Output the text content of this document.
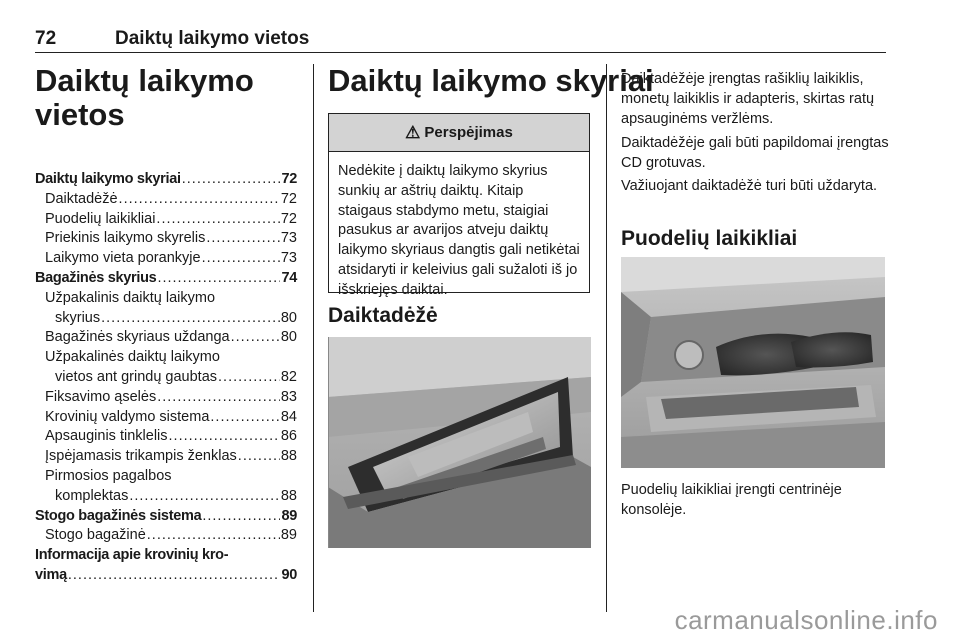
72	Daiktų laikymo vietos
Daiktų laikymo vietos
Daiktų laikymo skyriai .....	72
Daiktadėžė .....	72
Puodelių laikikliai .....	72
Priekinis laikymo skyrelis .....	73
Laikymo vieta porankyje .....	73
Bagažinės skyrius .....	74
Užpakalinis daiktų laikymo
skyrius .....	80
Bagažinės skyriaus uždanga .....	80
Užpakalinės daiktų laikymo
vietos ant grindų gaubtas .....	82
Fiksavimo ąselės .....	83
Krovinių valdymo sistema .....	84
Apsauginis tinklelis .....	86
Įspėjamasis trikampis ženklas .....	88
Pirmosios pagalbos
komplektas .....	88
Stogo bagažinės sistema .....	89
Stogo bagažinė .....	89
Informacija apie krovinių kro-
vimą .....	90
Daiktų laikymo skyriai
⚠ Perspėjimas
Nedėkite į daiktų laikymo skyrius sunkių ar aštrių daiktų. Kitaip staigaus stabdymo metu, staigiai pasukus ar avarijos atveju daiktų laikymo skyriaus dangtis gali netikėtai atsidaryti ir keleivius gali sužaloti iš jo išskriejęs daiktai.
Daiktadėžė
Daiktadėžėje įrengtas rašiklių laikiklis, monetų laikiklis ir adapteris, skirtas ratų apsauginėms veržlėms.
Daiktadėžėje gali būti papildomai įrengtas CD grotuvas.
Važiuojant daiktadėžė turi būti uždaryta.
Puodelių laikikliai
Puodelių laikikliai įrengti centrinėje konsolėje.
carmanualsonline.info
